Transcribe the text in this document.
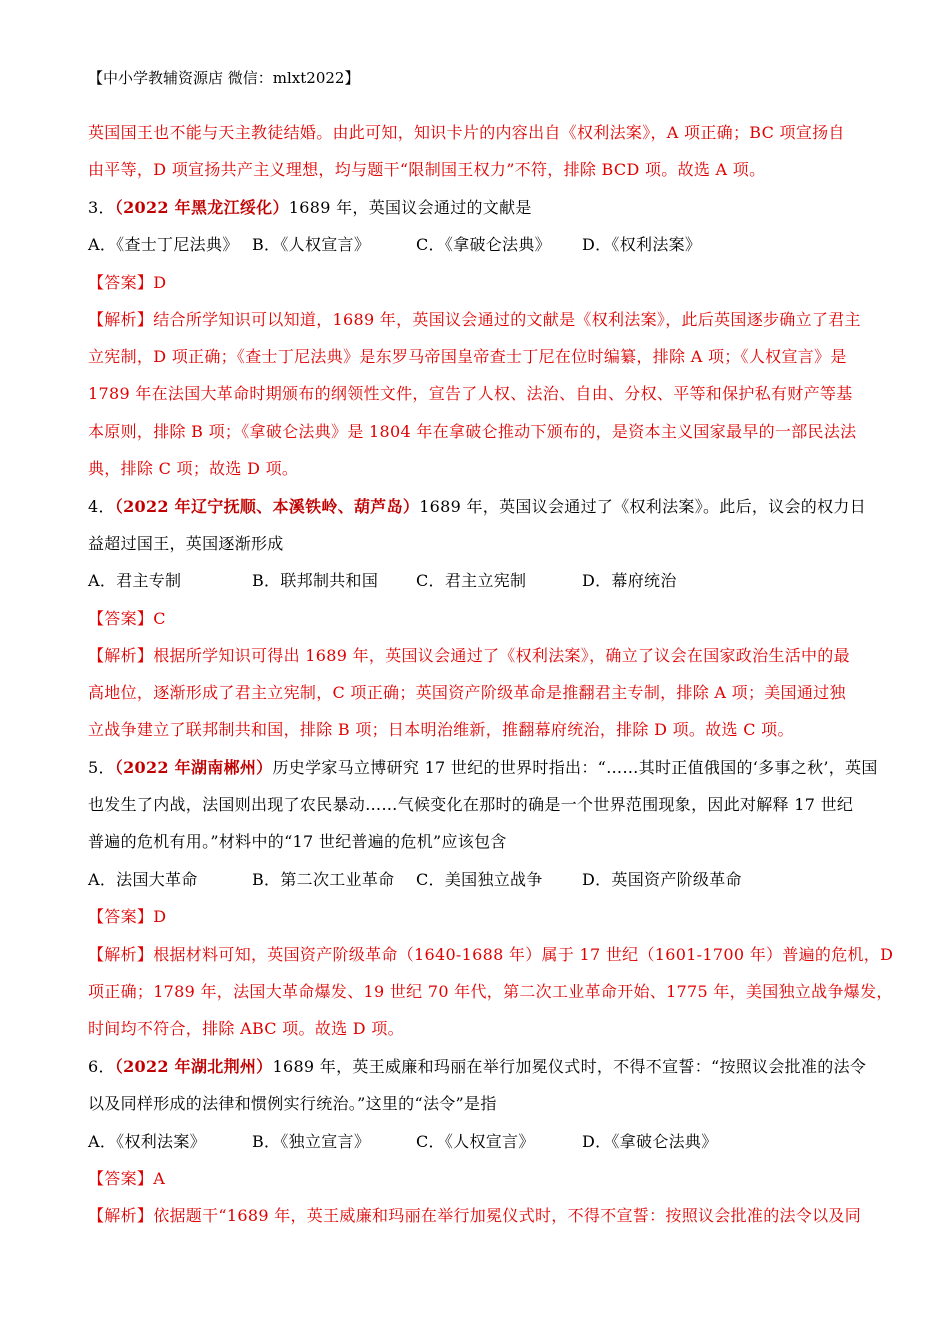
【中小学教辅资源店 微信：mlxt2022】
英国国王也不能与天主教徒结婚。由此可知，知识卡片的内容出自《权利法案》，A 项正确；BC 项宣扬自
由平等，D 项宣扬共产主义理想，均与题干“限制国王权力”不符，排除 BCD 项。故选 A 项。
3．（2022 年黑龙江绥化）1689 年，英国议会通过的文献是
A．《查士丁尼法典》 B．《人权宣言》	C．《拿破仑法典》 D．《权利法案》
【答案】D
【解析】结合所学知识可以知道，1689 年，英国议会通过的文献是《权利法案》，此后英国逐步确立了君主
立宪制，D 项正确；《查士丁尼法典》是东罗马帝国皇帝查士丁尼在位时编纂，排除 A 项；《人权宣言》是
1789 年在法国大革命时期颁布的纲领性文件，宣告了人权、法治、自由、分权、平等和保护私有财产等基
本原则，排除 B 项；《拿破仑法典》是 1804 年在拿破仑推动下颁布的，是资本主义国家最早的一部民法法
典，排除 C 项；故选 D 项。
4．（2022 年辽宁抚顺、本溪铁岭、葫芦岛）1689 年，英国议会通过了《权利法案》。此后，议会的权力日
益超过国王，英国逐渐形成
A．君主专制	B．联邦制共和国 C．君主立宪制	D．幕府统治
【答案】C
【解析】根据所学知识可得出 1689 年，英国议会通过了《权利法案》，确立了议会在国家政治生活中的最
高地位，逐渐形成了君主立宪制，C 项正确；英国资产阶级革命是推翻君主专制，排除 A 项；美国通过独
立战争建立了联邦制共和国，排除 B 项；日本明治维新，推翻幕府统治，排除 D 项。故选 C 项。
5．（2022 年湖南郴州）历史学家马立博研究 17 世纪的世界时指出：“……其时正值俄国的‘多事之秋’，英国
也发生了内战，法国则出现了农民暴动……气候变化在那时的确是一个世界范围现象，因此对解释 17 世纪
普遍的危机有用。”材料中的“17 世纪普遍的危机”应该包含
A．法国大革命	B．第二次工业革命 C．美国独立战争 D．英国资产阶级革命
【答案】D
【解析】根据材料可知，英国资产阶级革命（1640-1688 年）属于 17 世纪（1601-1700 年）普遍的危机，D
项正确；1789 年，法国大革命爆发、19 世纪 70 年代，第二次工业革命开始、1775 年，美国独立战争爆发，
时间均不符合，排除 ABC 项。故选 D 项。
6．（2022 年湖北荆州）1689 年，英王威廉和玛丽在举行加冕仪式时，不得不宣誓：“按照议会批准的法令
以及同样形成的法律和惯例实行统治。”这里的“法令”是指
A．《权利法案》	B．《独立宣言》	C．《人权宣言》	D．《拿破仑法典》
【答案】A
【解析】依据题干“1689 年，英王威廉和玛丽在举行加冕仪式时，不得不宣誓：按照议会批准的法令以及同
